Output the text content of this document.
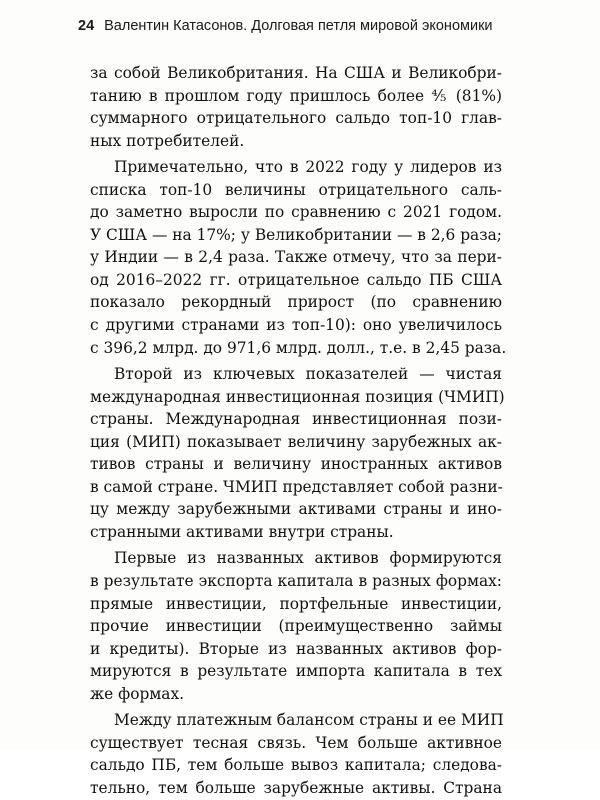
24 Валентин Катасонов. Долговая петля мировой экономики
за собой Великобритания. На США и Великобри-
танию в прошлом году пришлось более ⅘ (81%)
суммарного отрицательного сальдо топ-10 глав-
ных потребителей.
Примечательно, что в 2022 году у лидеров из
списка топ-10 величины отрицательного саль-
до заметно выросли по сравнению с 2021 годом.
У США — на 17%; у Великобритании — в 2,6 раза;
у Индии — в 2,4 раза. Также отмечу, что за пери-
од 2016–2022 гг. отрицательное сальдо ПБ США
показало рекордный прирост (по сравнению
с другими странами из топ-10): оно увеличилось
с 396,2 млрд. до 971,6 млрд. долл., т.е. в 2,45 раза.
Второй из ключевых показателей — чистая
международная инвестиционная позиция (ЧМИП)
страны. Международная инвестиционная пози-
ция (МИП) показывает величину зарубежных ак-
тивов страны и величину иностранных активов
в самой стране. ЧМИП представляет собой разни-
цу между зарубежными активами страны и ино-
странными активами внутри страны.
Первые из названных активов формируются
в результате экспорта капитала в разных формах:
прямые инвестиции, портфельные инвестиции,
прочие инвестиции (преимущественно займы
и кредиты). Вторые из названных активов фор-
мируются в результате импорта капитала в тех
же формах.
Между платежным балансом страны и ее МИП
существует тесная связь. Чем больше активное
сальдо ПБ, тем больше вывоз капитала; следова-
тельно, тем больше зарубежные активы. Страна
